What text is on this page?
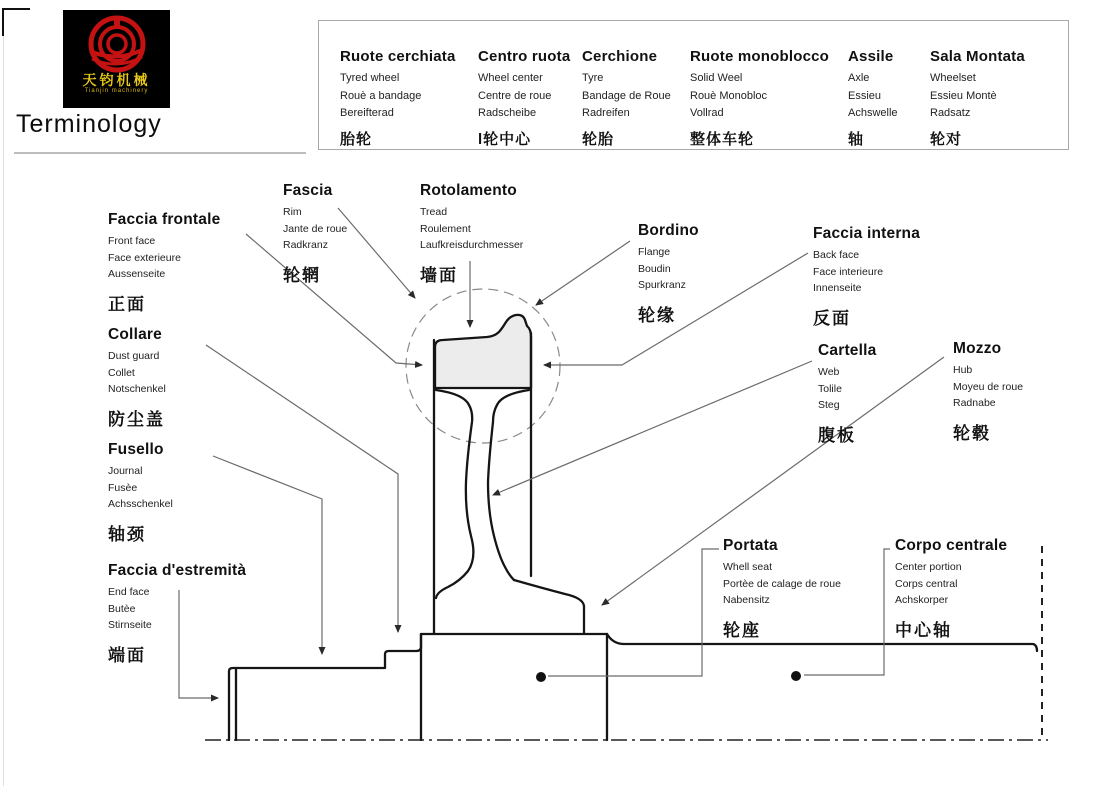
天钧机械
Tianjin machinery
Terminology
Ruote cerchiata
Tyred wheel
Rouè a bandage
Bereifterad
胎轮
Centro ruota
Wheel center
Centre de roue
Radscheibe
l轮中心
Cerchione
Tyre
Bandage de Roue
Radreifen
轮胎
Ruote monoblocco
Solid Weel
Rouè Monobloc
Vollrad
整体车轮
Assile
Axle
Essieu
Achswelle
轴
Sala Montata
Wheelset
Essieu Montè
Radsatz
轮对
Faccia frontale
Front face
Face exterieure
Aussenseite
正面
Collare
Dust guard
Collet
Notschenkel
防尘盖
Fusello
Journal
Fusèe
Achsschenkel
轴颈
Faccia d'estremità
End face
Butèe
Stirnseite
端面
Fascia
Rim
Jante de roue
Radkranz
轮辋
Rotolamento
Tread
Roulement
Laufkreisdurchmesser
墙面
Bordino
Flange
Boudin
Spurkranz
轮缘
Faccia interna
Back face
Face interieure
Innenseite
反面
Cartella
Web
Tolile
Steg
腹板
Mozzo
Hub
Moyeu de roue
Radnabe
轮毂
Portata
Whell seat
Portèe de calage de roue
Nabensitz
轮座
Corpo centrale
Center portion
Corps central
Achskorper
中心轴
